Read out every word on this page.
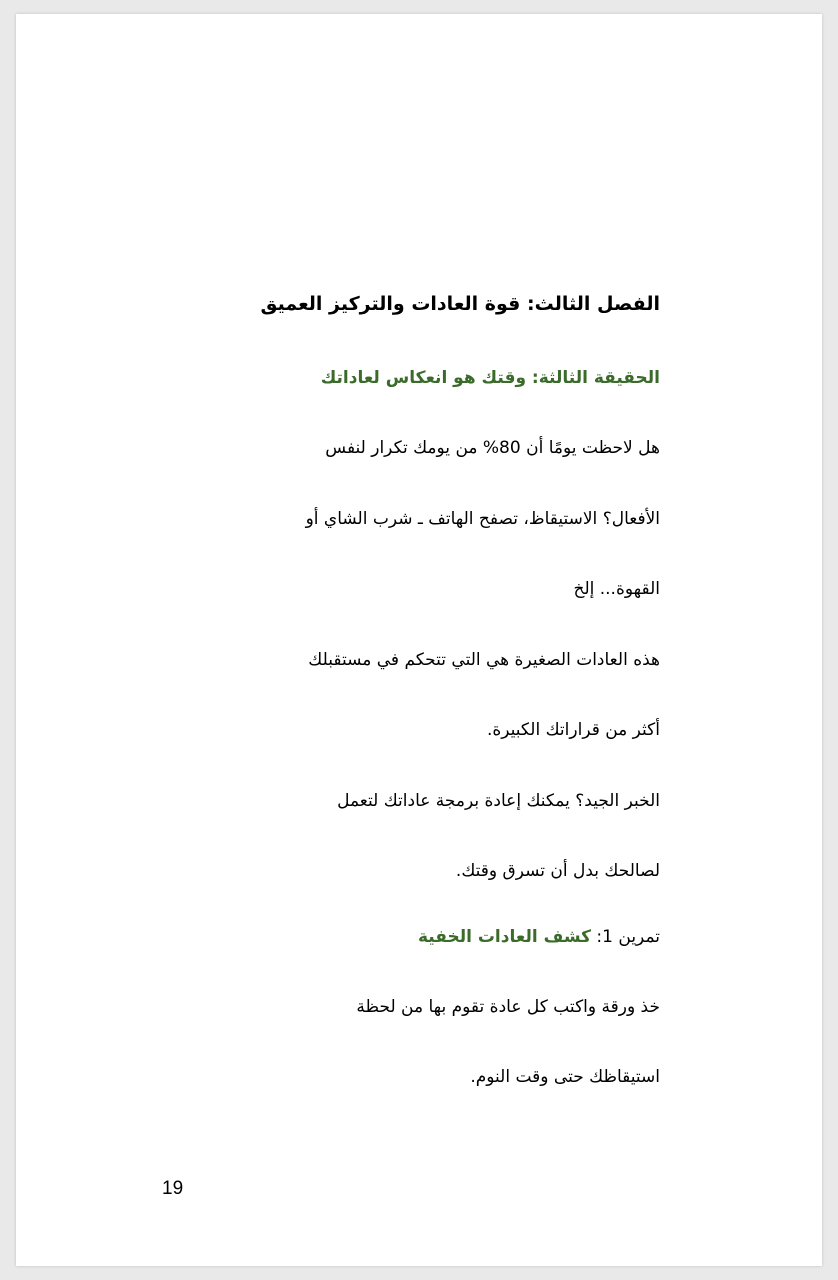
الفصل الثالث: قوة العادات والتركيز العميق
الحقيقة الثالثة: وقتك هو انعكاس لعاداتك
هل لاحظت يومًا أن 80% من يومك تكرار لنفس
الأفعال؟ الاستيقاظ، تصفح الهاتف ـ شرب الشاي أو
القهوة... إلخ
هذه العادات الصغيرة هي التي تتحكم في مستقبلك
أكثر من قراراتك الكبيرة.
الخبر الجيد؟ يمكنك إعادة برمجة عاداتك لتعمل
لصالحك بدل أن تسرق وقتك.
تمرين 1: كشف العادات الخفية
خذ ورقة واكتب كل عادة تقوم بها من لحظة
استيقاظك حتى وقت النوم.
19
